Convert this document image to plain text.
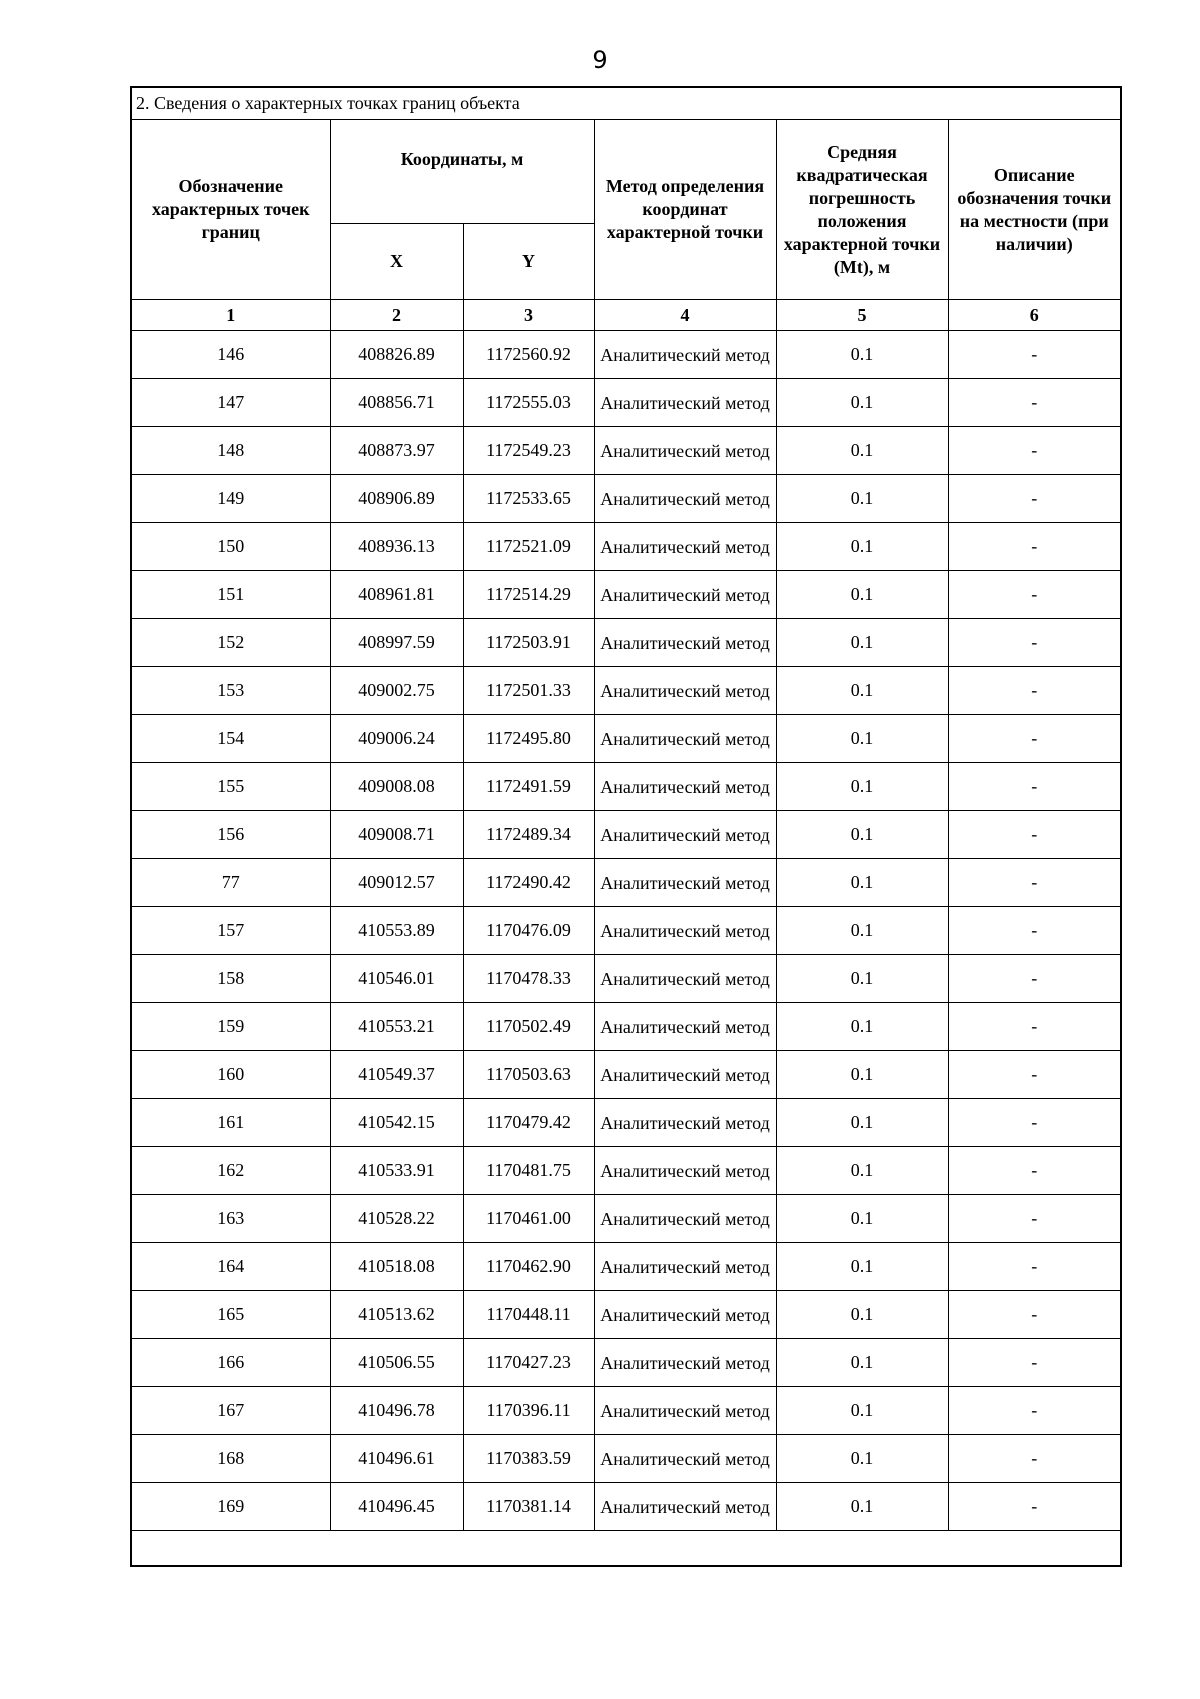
9
2. Сведения о характерных точках границ объекта					
Обозначение характерных точек границ	Координаты, м		Метод определения координат характерной точки	Средняя квадратическая погрешность положения характерной точки (Mt), м	Описание обозначения точки на местности (при наличии)
	X	Y			
1	2	3	4	5	6
146	408826.89	1172560.92	Аналитический метод	0.1	-
147	408856.71	1172555.03	Аналитический метод	0.1	-
148	408873.97	1172549.23	Аналитический метод	0.1	-
149	408906.89	1172533.65	Аналитический метод	0.1	-
150	408936.13	1172521.09	Аналитический метод	0.1	-
151	408961.81	1172514.29	Аналитический метод	0.1	-
152	408997.59	1172503.91	Аналитический метод	0.1	-
153	409002.75	1172501.33	Аналитический метод	0.1	-
154	409006.24	1172495.80	Аналитический метод	0.1	-
155	409008.08	1172491.59	Аналитический метод	0.1	-
156	409008.71	1172489.34	Аналитический метод	0.1	-
77	409012.57	1172490.42	Аналитический метод	0.1	-
157	410553.89	1170476.09	Аналитический метод	0.1	-
158	410546.01	1170478.33	Аналитический метод	0.1	-
159	410553.21	1170502.49	Аналитический метод	0.1	-
160	410549.37	1170503.63	Аналитический метод	0.1	-
161	410542.15	1170479.42	Аналитический метод	0.1	-
162	410533.91	1170481.75	Аналитический метод	0.1	-
163	410528.22	1170461.00	Аналитический метод	0.1	-
164	410518.08	1170462.90	Аналитический метод	0.1	-
165	410513.62	1170448.11	Аналитический метод	0.1	-
166	410506.55	1170427.23	Аналитический метод	0.1	-
167	410496.78	1170396.11	Аналитический метод	0.1	-
168	410496.61	1170383.59	Аналитический метод	0.1	-
169	410496.45	1170381.14	Аналитический метод	0.1	-
